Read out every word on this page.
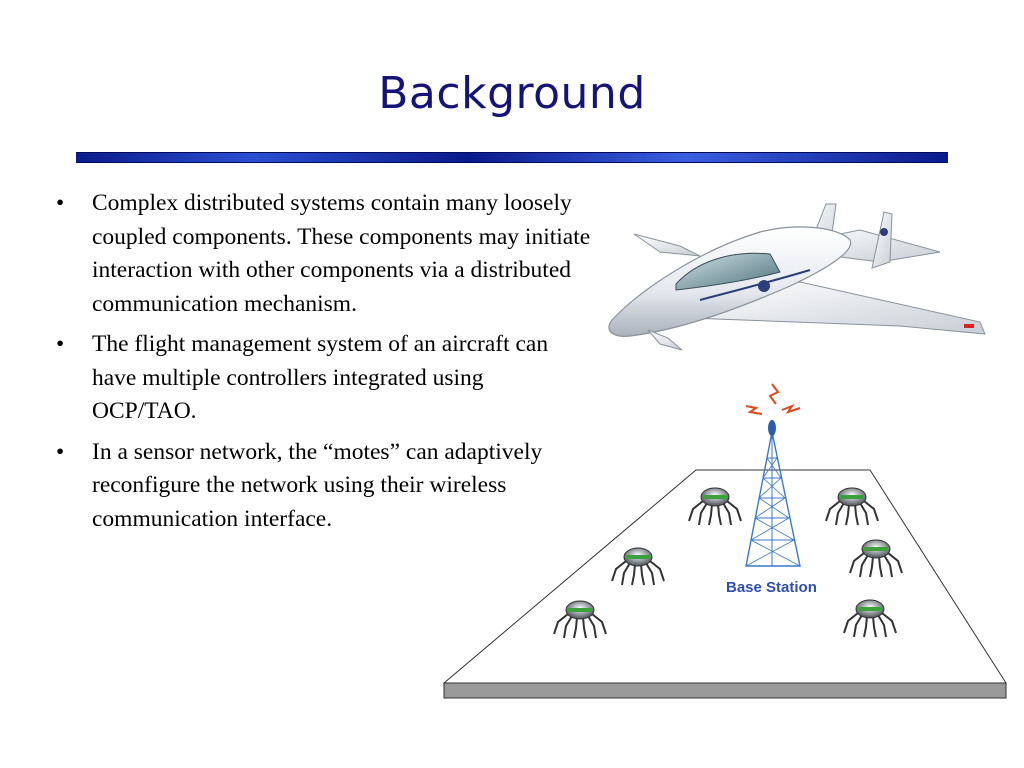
Background
• Complex distributed systems contain many loosely coupled components. These components may initiate interaction with other components via a distributed communication mechanism.
• The flight management system of an aircraft can have multiple controllers integrated using OCP/TAO.
• In a sensor network, the “motes” can adaptively reconfigure the network using their wireless communication interface.
Base Station
